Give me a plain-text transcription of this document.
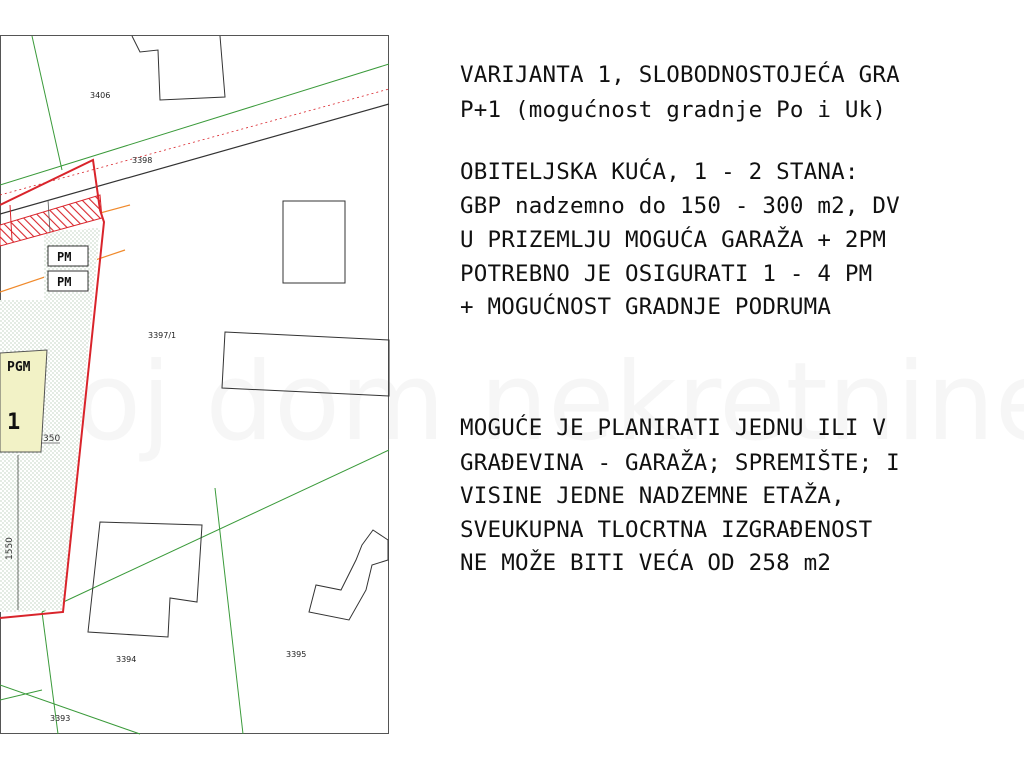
PM
PM
PGM
1
350
1550
3406
3398
3397/1
3394
3395
3393

VARIJANTA 1, SLOBODNOSTOJEĆA GRA

P+1 (mogućnost gradnje Po i Uk)

OBITELJSKA KUĆA, 1 - 2 STANA:

GBP nadzemno do 150 - 300 m2, DV

U PRIZEMLJU MOGUĆA GARAŽA + 2PM

POTREBNO JE OSIGURATI 1 - 4 PM

+ MOGUĆNOST GRADNJE PODRUMA

MOGUĆE JE PLANIRATI JEDNU ILI V

GRAĐEVINA - GARAŽA; SPREMIŠTE; I

VISINE JEDNE NADZEMNE ETAŽA,

SVEUKUPNA TLOCRTNA IZGRAĐENOST

NE MOŽE BITI VEĆA OD 258 m2
